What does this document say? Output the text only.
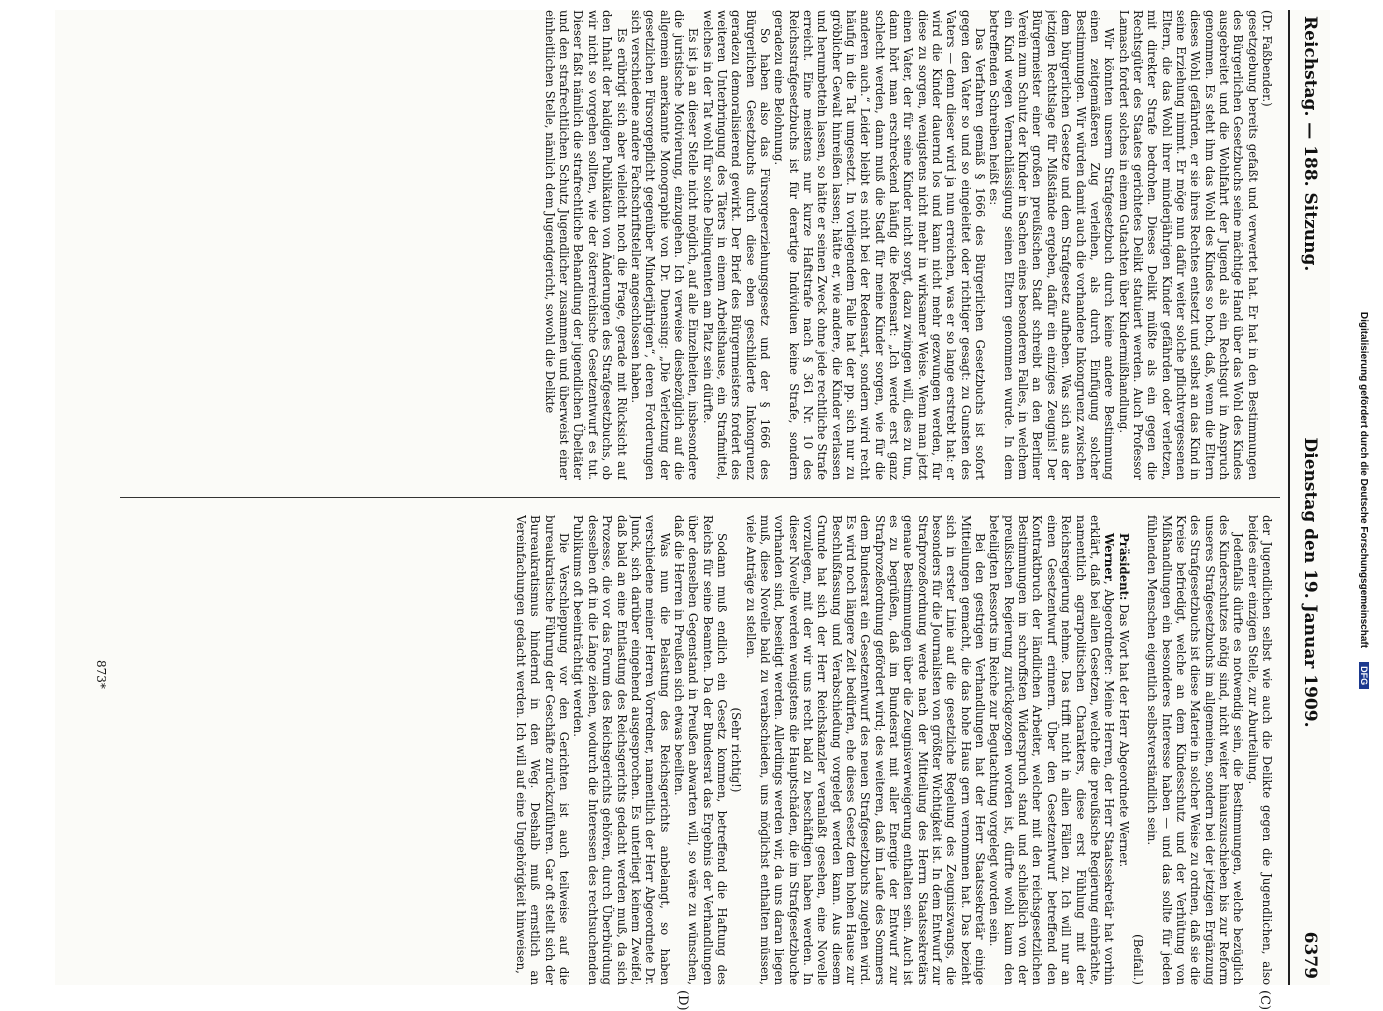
Reichstag. — 188. Sitzung.
Dienstag den 19. Januar 1909.
6379
(C)
(D)

(Dr. Faßbender.)

gesetzgebung bereits gefaßt und verwertet hat. Er hat in den Bestimmungen des Bürgerlichen Gesetzbuchs seine mächtige Hand über das Wohl des Kindes ausgebreitet und die Wohlfahrt der Jugend als ein Rechtsgut in Anspruch genommen. Es steht ihm das Wohl des Kindes so hoch, daß, wenn die Eltern dieses Wohl gefährden, er sie ihres Rechtes entsetzt und selbst an das Kind in seine Erziehung nimmt. Er möge nun dafür weiter solche pflichtvergessenen Eltern, die das Wohl ihrer minderjährigen Kinder gefährden oder verletzen, mit direkter Strafe bedrohen. Dieses Delikt müßte als ein gegen die Rechtsgüter des Staates gerichtetes Delikt statuiert werden. Auch Professor Lamasch fordert solches in einem Gutachten über Kindermißhandlung.

Wir könnten unserm Strafgesetzbuch durch keine andere Bestimmung einen zeitgemäßeren Zug verleihen, als durch Einfügung solcher Bestimmungen. Wir würden damit auch die vorhandene Inkongruenz zwischen dem bürgerlichen Gesetze und dem Strafgesetz aufheben. Was sich aus der jetzigen Rechtslage für Mißstände ergeben, dafür ein einziges Zeugnis! Der Bürgermeister einer großen preußischen Stadt schreibt an den Berliner Verein zum Schutz der Kinder in Sachen eines besonderen Falles, in welchem ein Kind wegen Vernachlässigung seinen Eltern genommen wurde. In dem betreffenden Schreiben heißt es:

Das Verfahren gemäß § 1666 des Bürgerlichen Gesetzbuchs ist sofort gegen den Vater so und so eingeleitet oder richtiger gesagt: zu Gunsten des Vaters — denn dieser wird ja nun erreichen, was er so lange erstrebt hat: er wird die Kinder dauernd los und kann nicht mehr gezwungen werden, für diese zu sorgen, wenigstens nicht mehr in wirksamer Weise. Wenn man jetzt einen Vater, der für seine Kinder nicht sorgt, dazu zwingen will, dies zu tun, dann hört man erschreckend häufig die Redensart: „Ich werde erst ganz schlecht werden, dann muß die Stadt für meine Kinder sorgen, wie für die anderen auch.“ Leider bleibt es nicht bei der Redensart, sondern wird recht häufig in die Tat umgesetzt. In vorliegendem Falle hat der pp. sich nur zu gröblicher Gewalt hinreißen lassen; hätte er, wie andere, die Kinder verlassen und herumbetteln lassen, so hätte er seinen Zweck ohne jede rechtliche Strafe erreicht. Eine meistens nur kurze Haftstrafe nach § 361 Nr. 10 des Reichsstrafgesetzbuchs ist für derartige Individuen keine Strafe, sondern geradezu eine Belohnung.

So haben also das Fürsorgeerziehungsgesetz und der § 1666 des Bürgerlichen Gesetzbuchs durch diese eben geschilderte Inkongruenz geradezu demoralisierend gewirkt. Der Brief des Bürgermeisters fordert des weiteren Unterbringung des Täters in einem Arbeitshause, ein Strafmittel, welches in der Tat wohl für solche Delinquenten am Platz sein dürfte.

Es ist ja an dieser Stelle nicht möglich, auf alle Einzelheiten, insbesondere die juristische Motivierung, einzugehen. Ich verweise diesbezüglich auf die allgemein anerkannte Monographie von Dr. Duensing: „Die Verletzung der gesetzlichen Fürsorgepflicht gegenüber Minderjährigen“, deren Forderungen sich verschiedene andere Fachschriftsteller angeschlossen haben.

Es erübrigt sich aber vielleicht noch die Frage, gerade mit Rücksicht auf den Inhalt der baldigen Publikation von Änderungen des Strafgesetzbuchs, ob wir nicht so vorgehen sollten, wie der österreichische Gesetzentwurf es tut. Dieser faßt nämlich die strafrechtliche Behandlung der jugendlichen Übeltäter und den strafrechtlichen Schutz Jugendlicher zusammen und überweist einer einheitlichen Stelle, nämlich dem Jugendgericht, sowohl die Delikte

der Jugendlichen selbst wie auch die Delikte gegen die Jugendlichen, also beides einer einzigen Stelle, zur Aburteilung.

Jedenfalls dürfte es notwendig sein, die Bestimmungen, welche bezüglich des Kinderschutzes nötig sind, nicht weiter hinauszuschieben bis zur Reform unseres Strafgesetzbuchs im allgemeinen, sondern bei der jetzigen Ergänzung des Strafgesetzbuchs ist diese Materie in solcher Weise zu ordnen, daß sie die Kreise befriedigt, welche an dem Kindesschutz und der Verhütung von Mißhandlungen ein besonderes Interesse haben — und das sollte für jeden fühlenden Menschen eigentlich selbstverständlich sein.

(Beifall.)

Präsident: Das Wort hat der Herr Abgeordnete Werner.

Werner, Abgeordneter: Meine Herren, der Herr Staatssekretär hat vorhin erklärt, daß bei allen Gesetzen, welche die preußische Regierung einbrächte, namentlich agrarpolitischen Charakters, diese erst Fühlung mit der Reichsregierung nehme. Das trifft nicht in allen Fällen zu. Ich will nur an einen Gesetzentwurf erinnern. Über den Gesetzentwurf betreffend den Kontraktbruch der ländlichen Arbeiter, welcher mit den reichsgesetzlichen Bestimmungen im schroffsten Widerspruch stand und schließlich von der preußischen Regierung zurückgezogen worden ist, dürfte wohl kaum den beteiligten Ressorts im Reiche zur Begutachtung vorgelegt worden sein.

Bei den gestrigen Verhandlungen hat der Herr Staatssekretär einige Mitteilungen gemacht, die das hohe Haus gern vernommen hat. Das bezieht sich in erster Linie auf die gesetzliche Regelung des Zeugniszwangs, die besonders für die Journalisten von größter Wichtigkeit ist. In dem Entwurf zur Strafprozeßordnung werde nach der Mitteilung des Herrn Staatssekretärs genaue Bestimmungen über die Zeugnisverweigerung enthalten sein. Auch ist es zu begrüßen, daß im Bundesrat mit aller Energie der Entwurf zur Strafprozeßordnung gefördert wird; des weiteren, daß im Laufe des Sommers dem Bundesrat ein Gesetzentwurf des neuen Strafgesetzbuchs zugehen wird. Es wird noch längere Zeit bedürfen, ehe dieses Gesetz dem hohen Hause zur Beschlußfassung und Verabschiedung vorgelegt werden kann. Aus diesem Grunde hat sich der Herr Reichskanzler veranlaßt gesehen, eine Novelle vorzulegen, mit der wir uns recht bald zu beschäftigen haben werden. In dieser Novelle werden wenigstens die Hauptschäden, die im Strafgesetzbuche vorhanden sind, beseitigt werden. Allerdings werden wir, da uns daran liegen muß, diese Novelle bald zu verabschieden, uns möglichst enthalten müssen, viele Anträge zu stellen.

(Sehr richtig!)

Sodann muß endlich ein Gesetz kommen, betreffend die Haftung des Reichs für seine Beamten. Da der Bundesrat das Ergebnis der Verhandlungen über denselben Gegenstand in Preußen abwarten will, so wäre zu wünschen, daß die Herren in Preußen sich etwas beeilten.

Was nun die Belastung des Reichsgerichts anbelangt, so haben verschiedene meiner Herren Vorredner, namentlich der Herr Abgeordnete Dr. Junck, sich darüber eingehend ausgesprochen. Es unterliegt keinem Zweifel, daß bald an eine Entlastung des Reichsgerichts gedacht werden muß, da sich Prozesse, die vor das Forum des Reichsgerichts gehören, durch Überbürdung desselben oft in die Länge ziehen, wodurch die Interessen des rechtsuchenden Publikums oft beeinträchtigt werden.

Die Verschleppung vor den Gerichten ist auch teilweise auf die bureaukratische Führung der Geschäfte zurückzuführen. Gar oft stellt sich der Bureaukratismus hindernd in den Weg. Deshalb muß ernstlich an Vereinfachungen gedacht werden. Ich will auf eine Ungehörigkeit hinweisen,

873*
Digitalisierung gefördert durch die Deutsche Forschungsgemeinschaft
DFG
